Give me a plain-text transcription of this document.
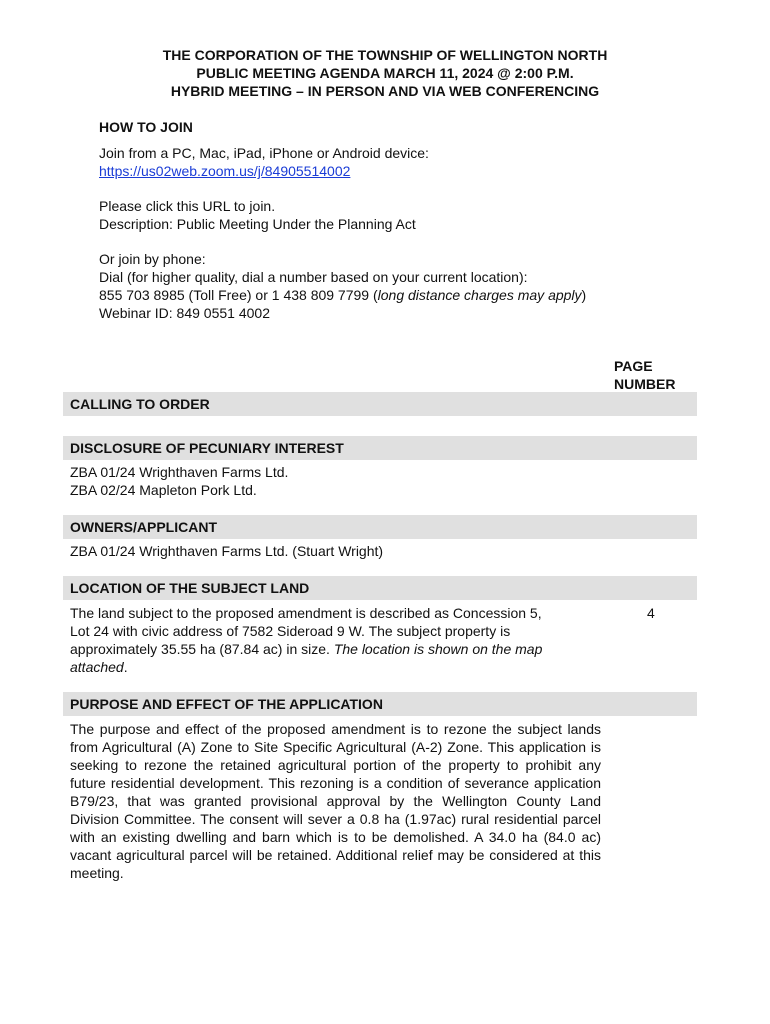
THE CORPORATION OF THE TOWNSHIP OF WELLINGTON NORTH
PUBLIC MEETING AGENDA MARCH 11, 2024 @ 2:00 P.M.
HYBRID MEETING – IN PERSON AND VIA WEB CONFERENCING
HOW TO JOIN
Join from a PC, Mac, iPad, iPhone or Android device:
https://us02web.zoom.us/j/84905514002
Please click this URL to join.
Description: Public Meeting Under the Planning Act
Or join by phone:
Dial (for higher quality, dial a number based on your current location):
855 703 8985 (Toll Free) or 1 438 809 7799 (long distance charges may apply)
Webinar ID: 849 0551 4002
PAGE
NUMBER
CALLING TO ORDER
DISCLOSURE OF PECUNIARY INTEREST
ZBA 01/24 Wrighthaven Farms Ltd.
ZBA 02/24 Mapleton Pork Ltd.
OWNERS/APPLICANT
ZBA 01/24 Wrighthaven Farms Ltd. (Stuart Wright)
LOCATION OF THE SUBJECT LAND
The land subject to the proposed amendment is described as Concession 5,
Lot 24 with civic address of 7582 Sideroad 9 W. The subject property is
approximately 35.55 ha (87.84 ac) in size. The location is shown on the map
attached.
4
PURPOSE AND EFFECT OF THE APPLICATION
The purpose and effect of the proposed amendment is to rezone the subject lands from Agricultural (A) Zone to Site Specific Agricultural (A-2) Zone. This application is seeking to rezone the retained agricultural portion of the property to prohibit any future residential development. This rezoning is a condition of severance application B79/23, that was granted provisional approval by the Wellington County Land Division Committee. The consent will sever a 0.8 ha (1.97ac) rural residential parcel with an existing dwelling and barn which is to be demolished. A 34.0 ha (84.0 ac) vacant agricultural parcel will be retained. Additional relief may be considered at this meeting.
